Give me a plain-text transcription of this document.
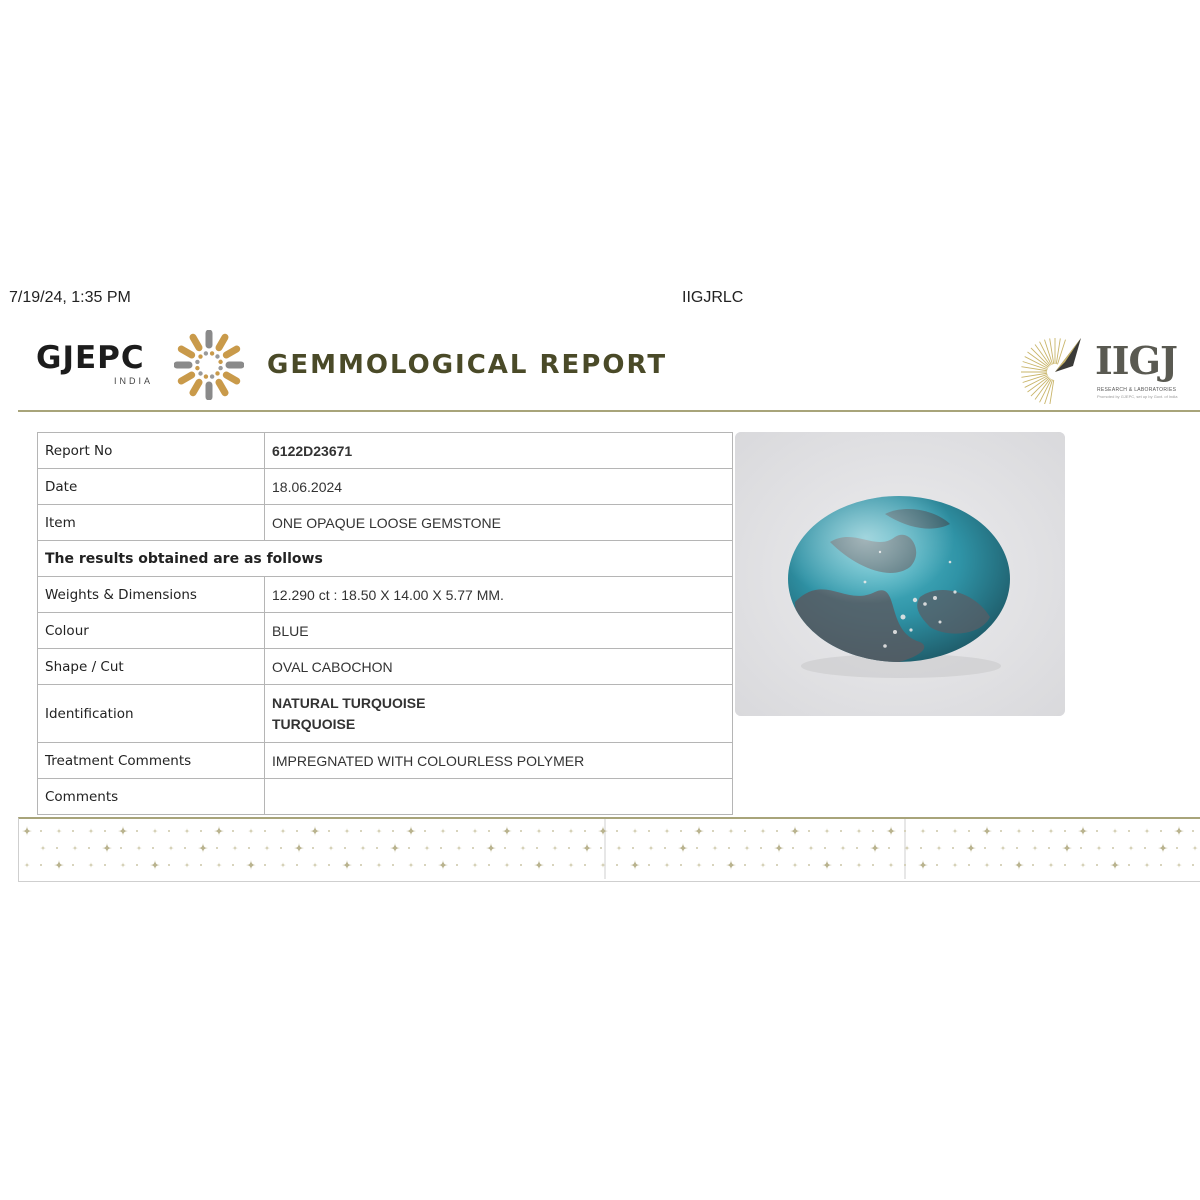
7/19/24, 1:35 PM	IIGJRLC
GJEPC
INDIA
GEMMOLOGICAL REPORT	IIGJ
RESEARCH & LABORATORIES
Promoted by GJEPC, set up by Govt. of India
Report No	6122D23671
Date	18.06.2024
Item	ONE OPAQUE LOOSE GEMSTONE
The results obtained are as follows	
Weights & Dimensions	12.290 ct : 18.50 X 14.00 X 5.77 MM.
Colour	BLUE
Shape / Cut	OVAL CABOCHON
Identification	NATURAL TURQUOISE
TURQUOISE

Treatment Comments	IMPREGNATED WITH COLOURLESS POLYMER
Comments	
